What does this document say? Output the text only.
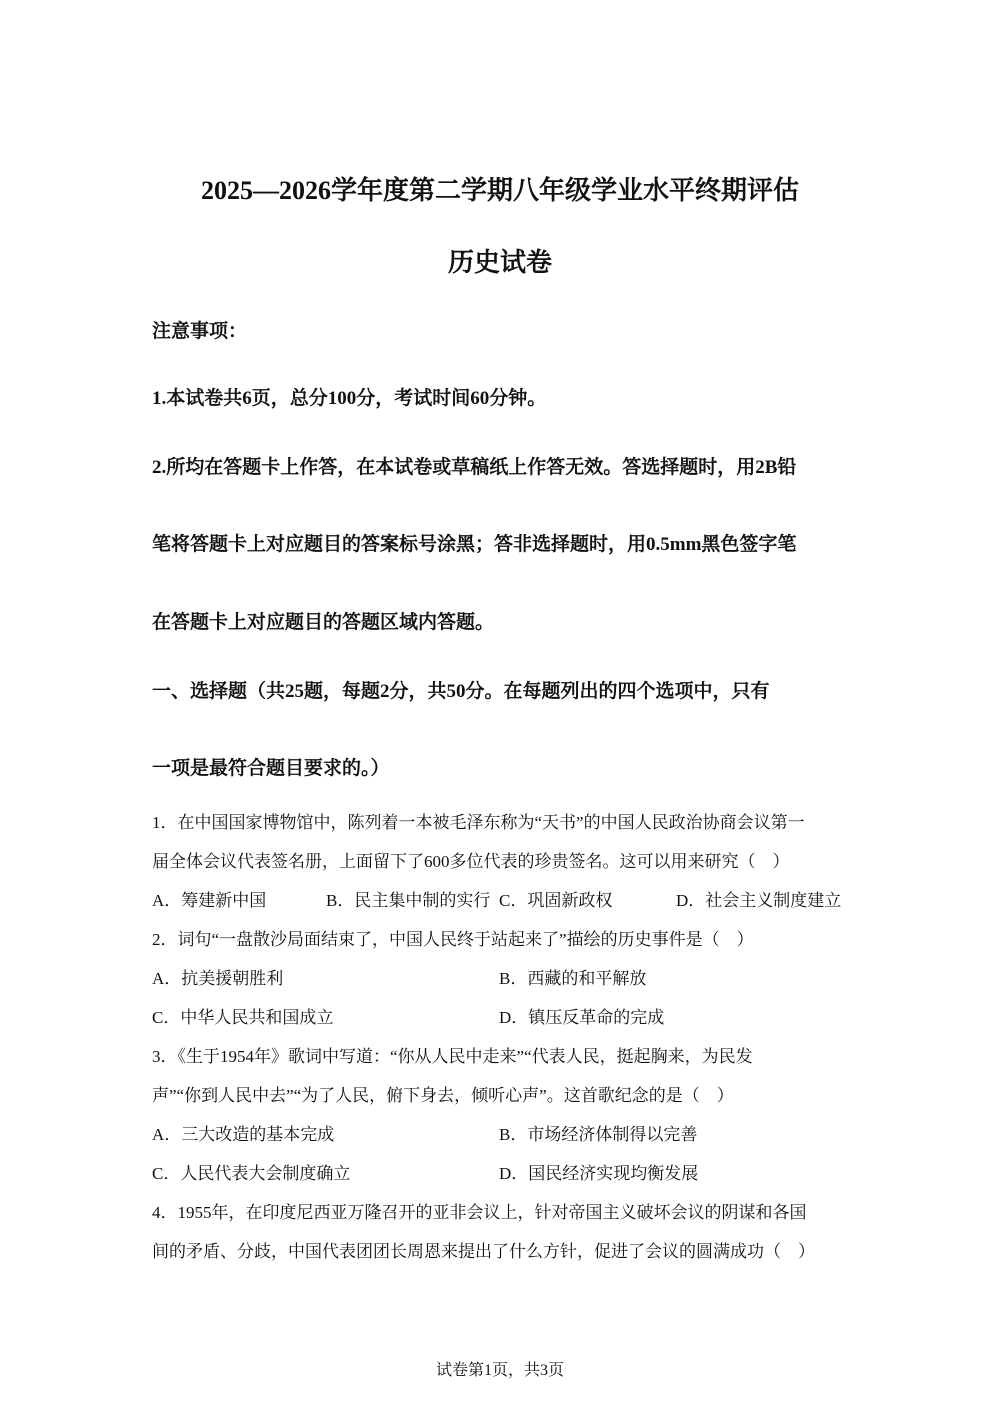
2025—2026学年度第二学期八年级学业水平终期评估
历史试卷
注意事项：
1.本试卷共6页，总分100分，考试时间60分钟。
2.所均在答题卡上作答，在本试卷或草稿纸上作答无效。答选择题时，用2B铅
笔将答题卡上对应题目的答案标号涂黑；答非选择题时，用0.5mm黑色签字笔
在答题卡上对应题目的答题区域内答题。
一、选择题（共25题，每题2分，共50分。在每题列出的四个选项中，只有
一项是最符合题目要求的。）
1．在中国国家博物馆中，陈列着一本被毛泽东称为“天书”的中国人民政治协商会议第一
届全体会议代表签名册，上面留下了600多位代表的珍贵签名。这可以用来研究（　）
A．筹建新中国	B．民主集中制的实行 C．巩固新政权	D．社会主义制度建立
2．词句“一盘散沙局面结束了，中国人民终于站起来了”描绘的历史事件是（　）
A．抗美援朝胜利	B．西藏的和平解放
C．中华人民共和国成立	D．镇压反革命的完成
3．《生于1954年》歌词中写道：“你从人民中走来”“代表人民，挺起胸来，为民发
声”“你到人民中去”“为了人民，俯下身去，倾听心声”。这首歌纪念的是（　）
A．三大改造的基本完成	B．市场经济体制得以完善
C．人民代表大会制度确立	D．国民经济实现均衡发展
4．1955年，在印度尼西亚万隆召开的亚非会议上，针对帝国主义破坏会议的阴谋和各国
间的矛盾、分歧，中国代表团团长周恩来提出了什么方针，促进了会议的圆满成功（　）
试卷第1页，共3页
